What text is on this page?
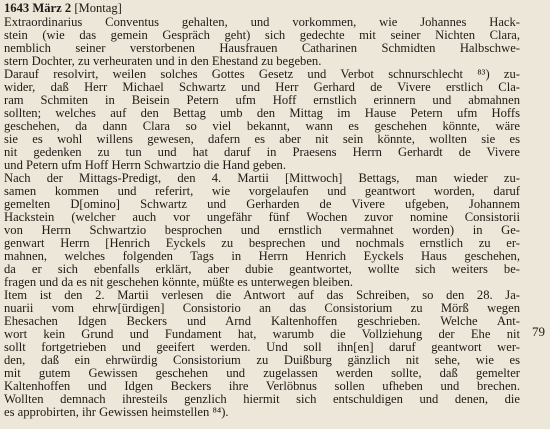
1643 März 2 [Montag]
Extraordinarius Conventus gehalten, und vorkommen, wie Johannes Hack-
stein (wie das gemein Gespräch geht) sich gedechte mit seiner Nichten Clara,
nemblich seiner verstorbenen Hausfrauen Catharinen Schmidten Halbschwe-
stern Dochter, zu verheuraten und in den Ehestand zu begeben.
Darauf resolvirt, weilen solches Gottes Gesetz und Verbot schnurschlecht ⁸³) zu-
wider, daß Herr Michael Schwartz und Herr Gerhard de Vivere erstlich Cla-
ram Schmiten in Beisein Petern ufm Hoff ernstlich erinnern und abmahnen
sollten; welches auf den Bettag umb den Mittag im Hause Petern ufm Hoffs
geschehen, da dann Clara so viel bekannt, wann es geschehen könnte, wäre
sie es wohl willens gewesen, dafern es aber nit sein könnte, wollten sie es
nit gedenken zu tun und hat daruf in Praesens Herrn Gerhardt de Vivere
und Petern ufm Hoff Herrn Schwartzio die Hand geben.
Nach der Mittags-Predigt, den 4. Martii [Mittwoch] Bettags, man wieder zu-
samen kommen und referirt, wie vorgelaufen und geantwort worden, daruf
gemelten D[omino] Schwartz und Gerharden de Vivere ufgeben, Johannem
Hackstein (welcher auch vor ungefähr fünf Wochen zuvor nomine Consistorii
von Herrn Schwartzio besprochen und ernstlich vermahnet worden) in Ge-
genwart Herrn [Henrich Eyckels zu besprechen und nochmals ernstlich zu er-
mahnen, welches folgenden Tags in Herrn Henrich Eyckels Haus geschehen,
da er sich ebenfalls erklärt, aber dubie geantwortet, wollte sich weiters be-
fragen und da es nit geschehen könnte, müßte es unterwegen bleiben.
Item ist den 2. Martii verlesen die Antwort auf das Schreiben, so den 28. Ja-
nuarii vom ehrw[ürdigen] Consistorio an das Consistorium zu Mörß wegen
Ehesachen Idgen Beckers und Arnd Kaltenhoffen geschrieben. Welche Ant-
wort kein Grund und Fundament hat, warumb die Vollziehung der Ehe nit
sollt fortgetrieben und geeifert werden. Und soll ihn[en] daruf geantwort wer-
den, daß ein ehrwürdig Consistorium zu Duißburg gänzlich nit sehe, wie es
mit gutem Gewissen geschehen und zugelassen werden sollte, daß gemelter
Kaltenhoffen und Idgen Beckers ihre Verlöbnus sollen ufheben und brechen.
Wollten demnach ihresteils genzlich hiermit sich entschuldigen und denen, die
es approbirten, ihr Gewissen heimstellen ⁸⁴).
79
